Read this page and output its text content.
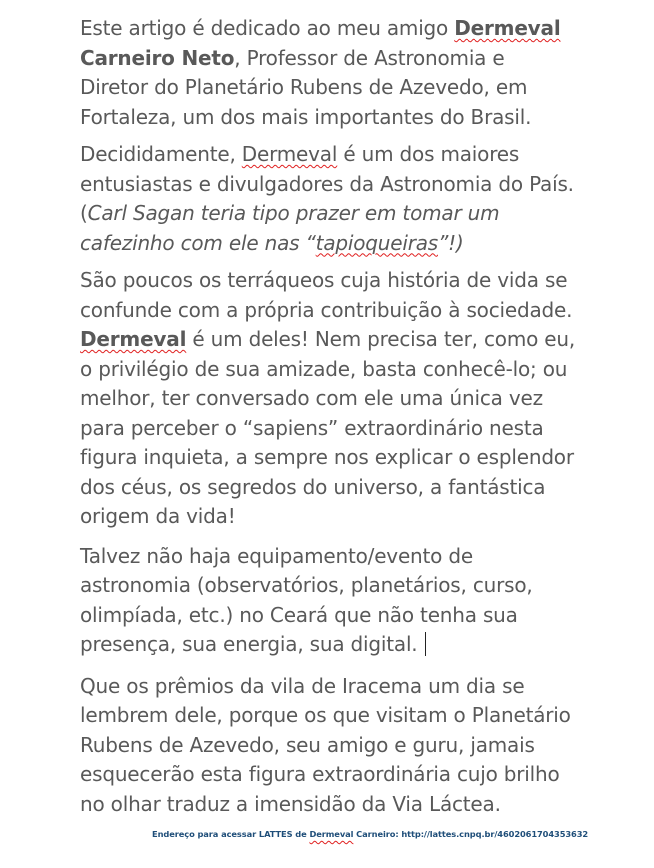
Este artigo é dedicado ao meu amigo Dermeval
Carneiro Neto, Professor de Astronomia e
Diretor do Planetário Rubens de Azevedo, em
Fortaleza, um dos mais importantes do Brasil.

Decididamente, Dermeval é um dos maiores
entusiastas e divulgadores da Astronomia do País.
(Carl Sagan teria tipo prazer em tomar um
cafezinho com ele nas “tapioqueiras”!)

São poucos os terráqueos cuja história de vida se
confunde com a própria contribuição à sociedade.
Dermeval é um deles! Nem precisa ter, como eu,
o privilégio de sua amizade, basta conhecê-lo; ou
melhor, ter conversado com ele uma única vez
para perceber o “sapiens” extraordinário nesta
figura inquieta, a sempre nos explicar o esplendor
dos céus, os segredos do universo, a fantástica
origem da vida!

Talvez não haja equipamento/evento de
astronomia (observatórios, planetários, curso,
olimpíada, etc.) no Ceará que não tenha sua
presença, sua energia, sua digital.

Que os prêmios da vila de Iracema um dia se
lembrem dele, porque os que visitam o Planetário
Rubens de Azevedo, seu amigo e guru, jamais
esquecerão esta figura extraordinária cujo brilho
no olhar traduz a imensidão da Via Láctea.

Endereço para acessar LATTES de Dermeval Carneiro: http://lattes.cnpq.br/4602061704353632
